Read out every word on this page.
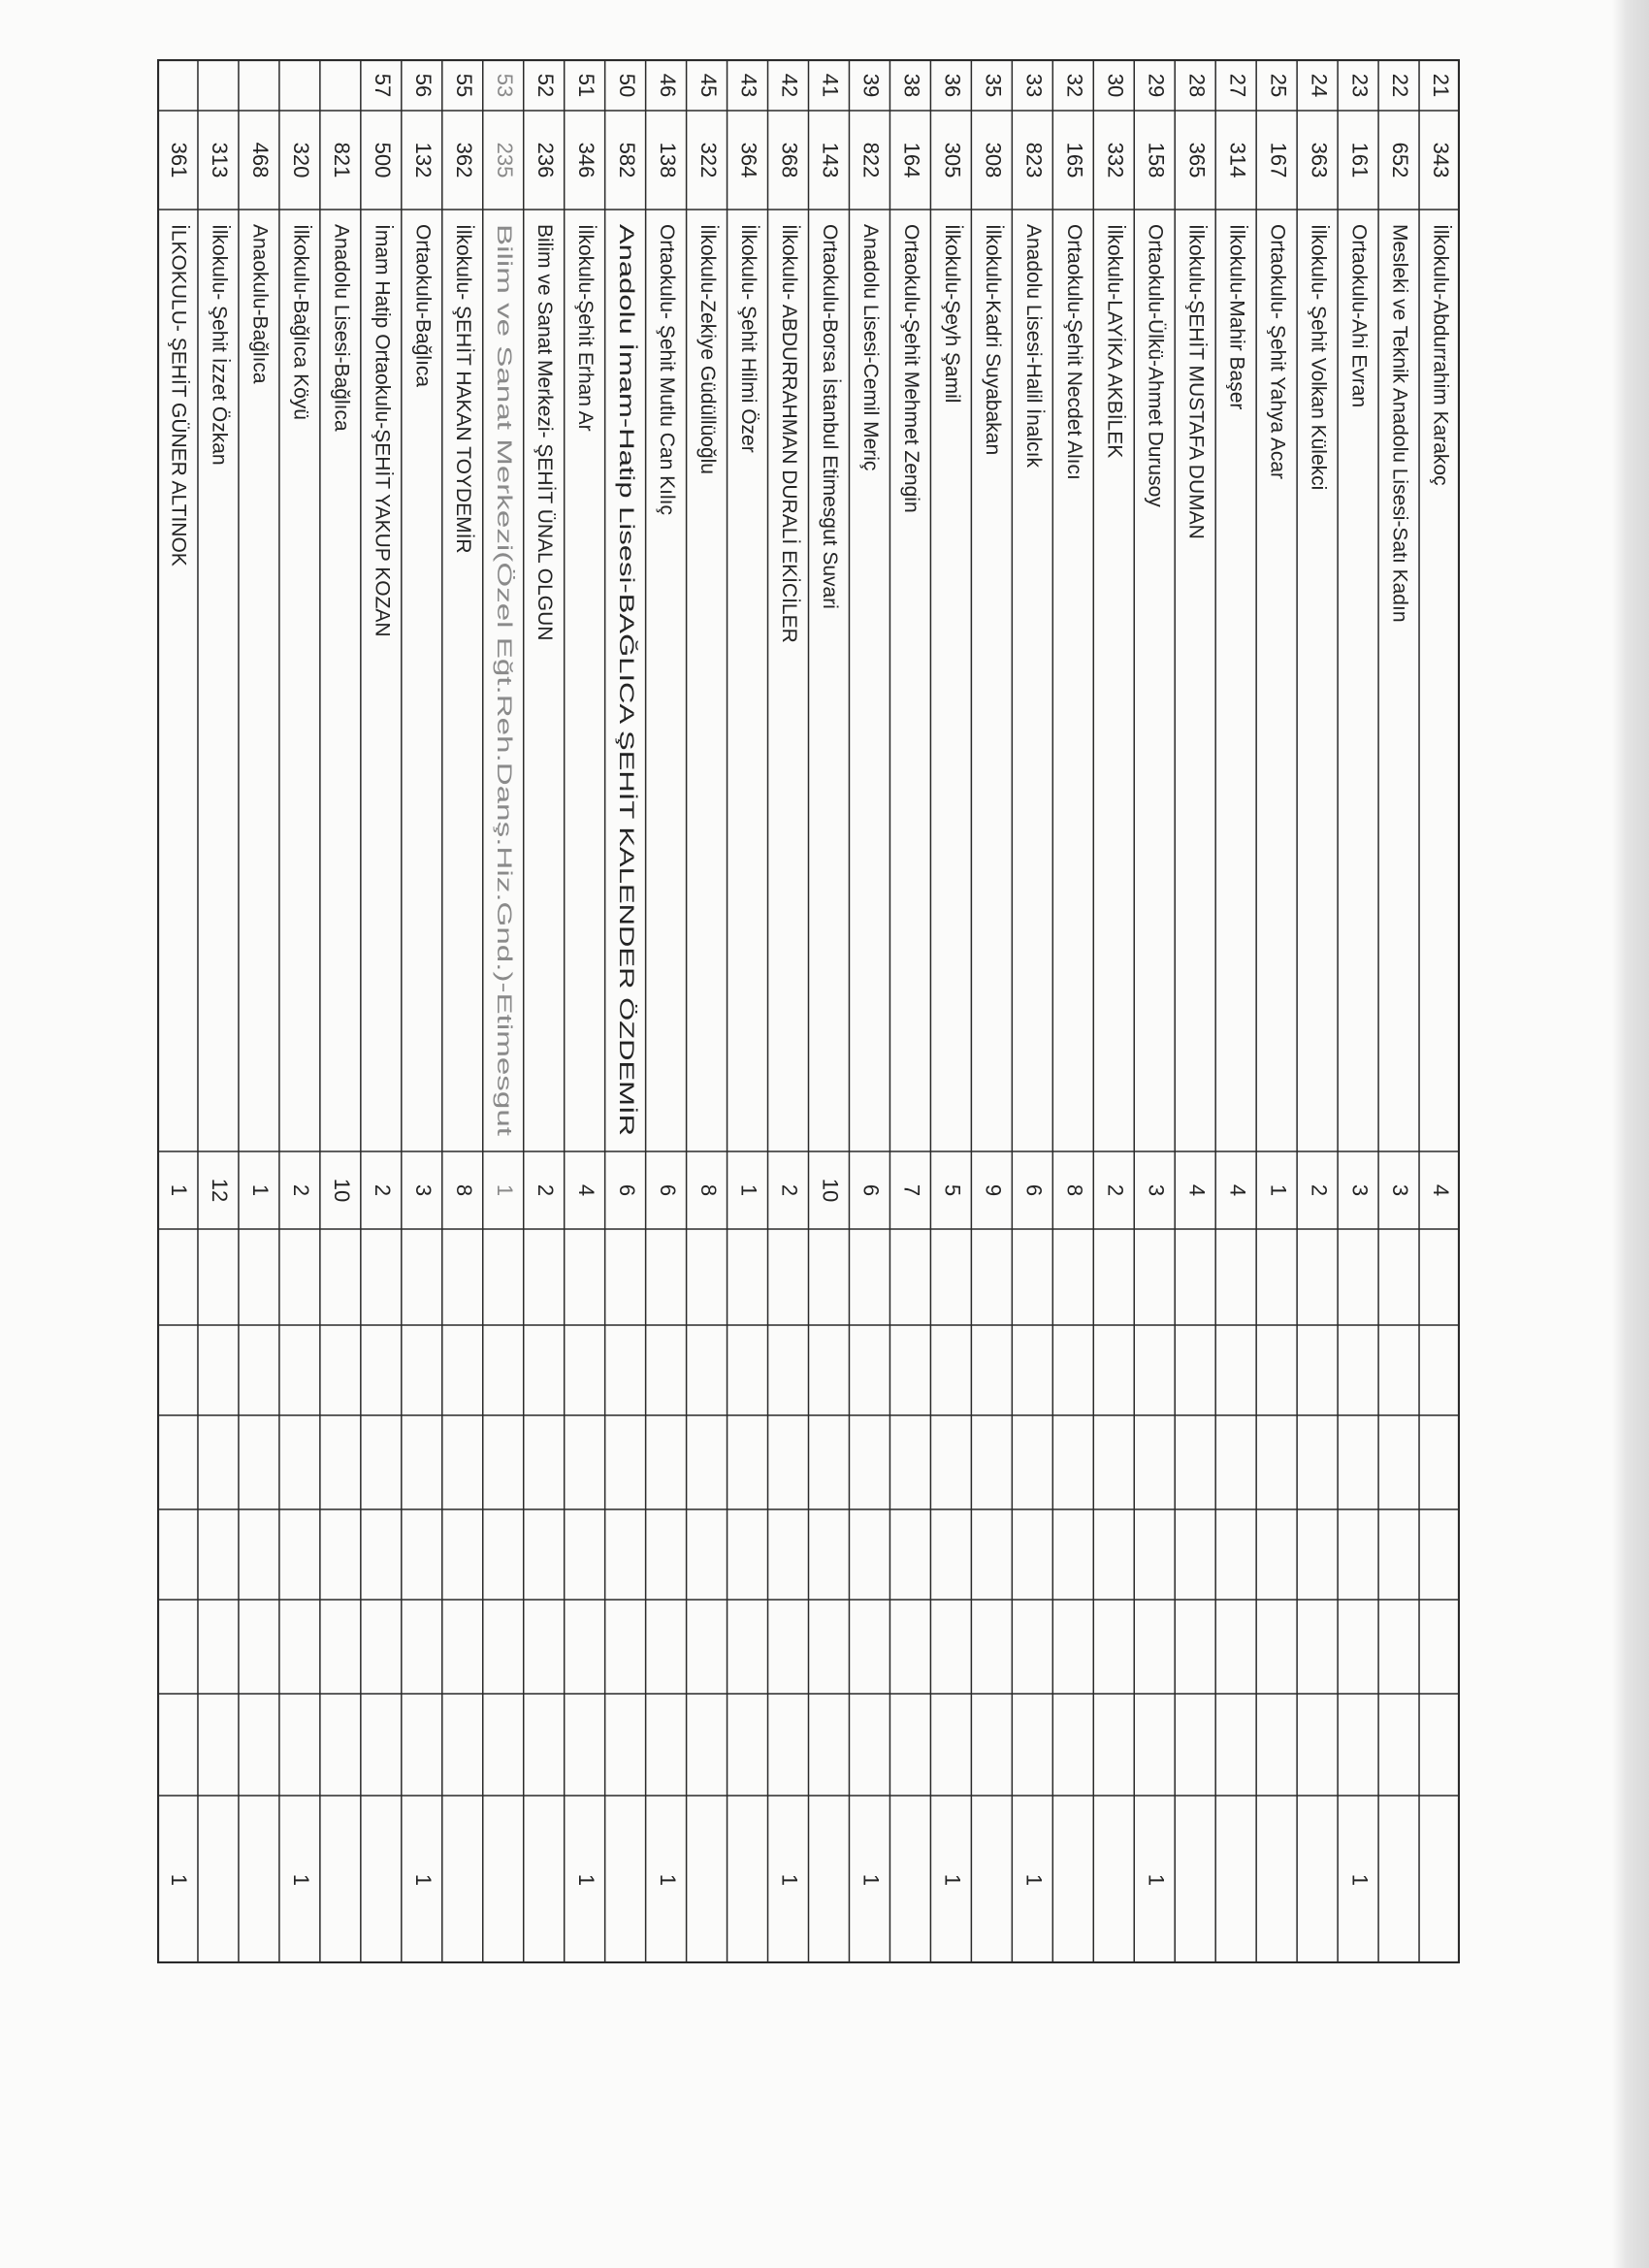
21
343
İlkokulu-Abdurrahim Karakoç
4
22
652
Mesleki ve Teknik Anadolu Lisesi-Satı Kadın
3
23
161
Ortaokulu-Ahi Evran
3
1
24
363
İlkokulu- Şehit Volkan Külekci
2
25
167
Ortaokulu- Şehit Yahya Acar
1
27
314
İlkokulu-Mahir Başer
4
28
365
İlkokulu-ŞEHİT MUSTAFA DUMAN
4
29
158
Ortaokulu-Ülkü-Ahmet Durusoy
3
1
30
332
İlkokulu-LAYİKA AKBİLEK
2
32
165
Ortaokulu-Şehit Necdet Alıcı
8
33
823
Anadolu Lisesi-Halil İnalcık
6
1
35
308
İlkokulu-Kadri Suyabakan
9
36
305
İlkokulu-Şeyh Şamil
5
1
38
164
Ortaokulu-Şehit Mehmet Zengin
7
39
822
Anadolu Lisesi-Cemil Meriç
6
1
41
143
Ortaokulu-Borsa İstanbul Etimesgut Suvari
10
42
368
İlkokulu- ABDURRAHMAN DURALİ EKİCİLER
2
1
43
364
İlkokulu- Şehit Hilmi Özer
1
45
322
İlkokulu-Zekiye Güdüllüoğlu
8
46
138
Ortaokulu- Şehit Mutlu Can Kılıç
6
1
50
582
Anadolu İmam-Hatip Lisesi-BAĞLICA ŞEHİT KALENDER ÖZDEMİR
6
51
346
İlkokulu-Şehit Erhan Ar
4
1
52
236
Bilim ve Sanat Merkezi- ŞEHİT ÜNAL OLGUN
2
53
235
Bilim ve Sanat Merkezi(Özel Eğt.Reh.Danş.Hiz.Gnd.)-Etimesgut
1
55
362
İlkokulu- ŞEHİT HAKAN TOYDEMİR
8
56
132
Ortaokulu-Bağlıca
3
1
57
500
İmam Hatip Ortaokulu-ŞEHİT YAKUP KOZAN
2
821
Anadolu Lisesi-Bağlıca
10
320
İlkokulu-Bağlıca Köyü
2
1
468
Anaokulu-Bağlıca
1
313
İlkokulu- Şehit İzzet Özkan
12
361
İLKOKULU- ŞEHİT GÜNER ALTINOK
1
1
